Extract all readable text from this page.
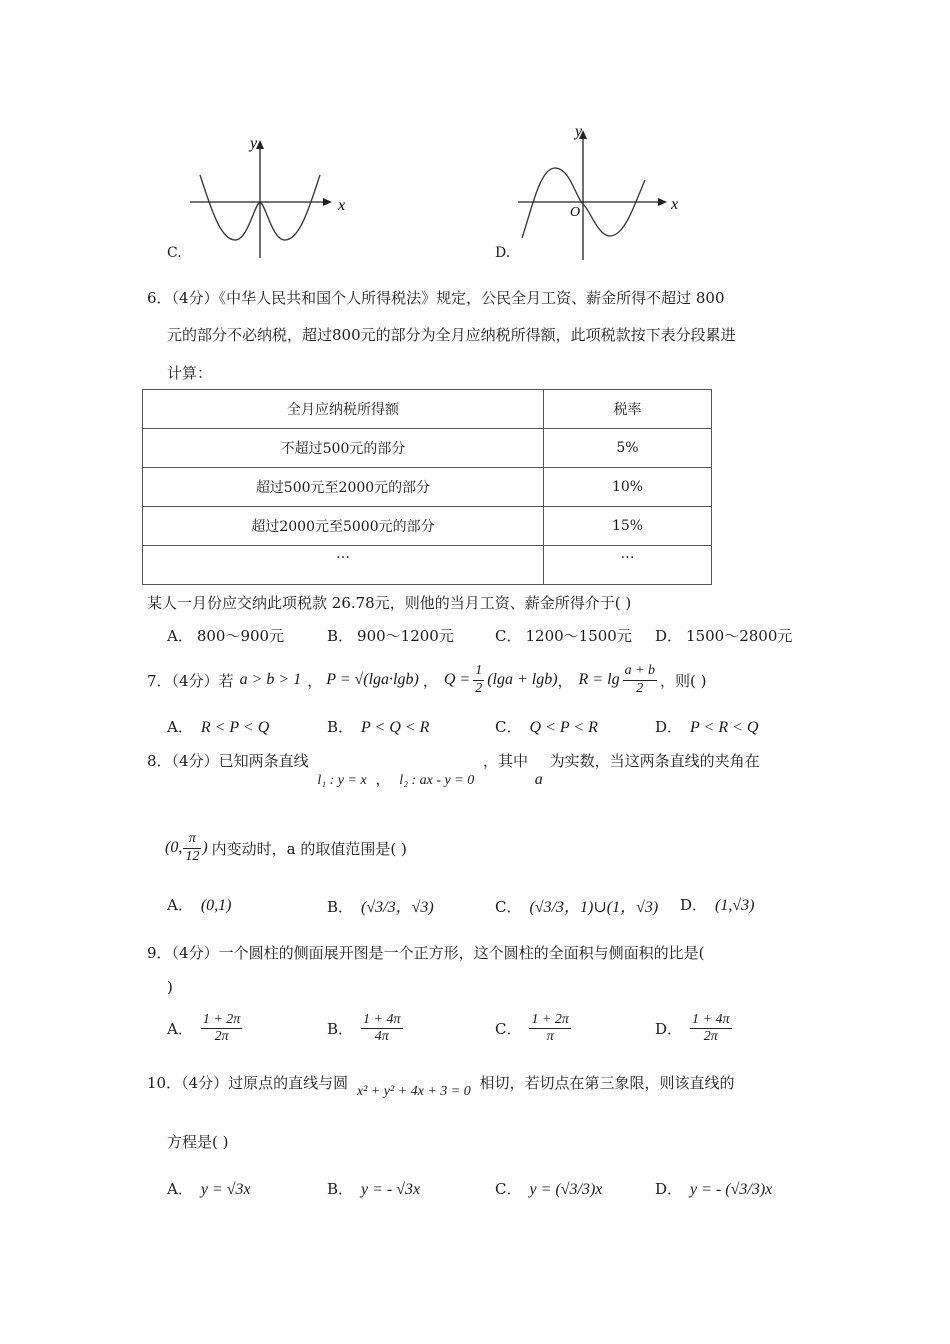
x
y
C.
x
y
O
D.
6．（4分）《中华人民共和国个人所得税法》规定，公民全月工资、薪金所得不超过 800
元的部分不必纳税，超过800元的部分为全月应纳税所得额，此项税款按下表分段累进
计算：
全月应纳税所得额	税率
不超过500元的部分	5%
超过500元至2000元的部分	10%
超过2000元至5000元的部分	15%
…	…
某人一月份应交纳此项税款 26.78元，则他的当月工资、薪金所得介于( )
A． 800～900元	B． 900～1200元	C． 1200～1500元 D． 1500～2800元
7．（4分）若 a > b > 1 ， P = √(lga·lgb) ， $Q = \frac{1}{2} (\lg a + \lg b)$ ， $R = \lg \frac{a + b}{2}$ ，则( )
A． R < P < Q	B． P < Q < R	C． Q < P < R	D． P < R < Q
8．（4分）已知两条直线 l₁ : y = x ， l₂ : ax - y = 0 ，其中 a 为实数，当这两条直线的夹角在
(0, $\frac{\pi}{12}$ ) 内变动时，a 的取值范围是( )
A． (0,1)	B． (√3/3，√3)	C． (√3/3，1)∪(1，√3) D． (1,√3)
9．（4分）一个圆柱的侧面展开图是一个正方形，这个圆柱的全面积与侧面积的比是(
)
A． $\frac{1 + 2\pi}{2\pi}$	B． $\frac{1 + 4\pi}{4\pi}$	C． $\frac{1 + 2\pi}{\pi}$	D． $\frac{1 + 4\pi}{2\pi}$
10．（4分）过原点的直线与圆 x² + y² + 4x + 3 = 0 相切，若切点在第三象限，则该直线的
方程是( )
A． y = √3x	B． y = - √3x	C． y = (√3/3)x	D． y = - (√3/3)x
